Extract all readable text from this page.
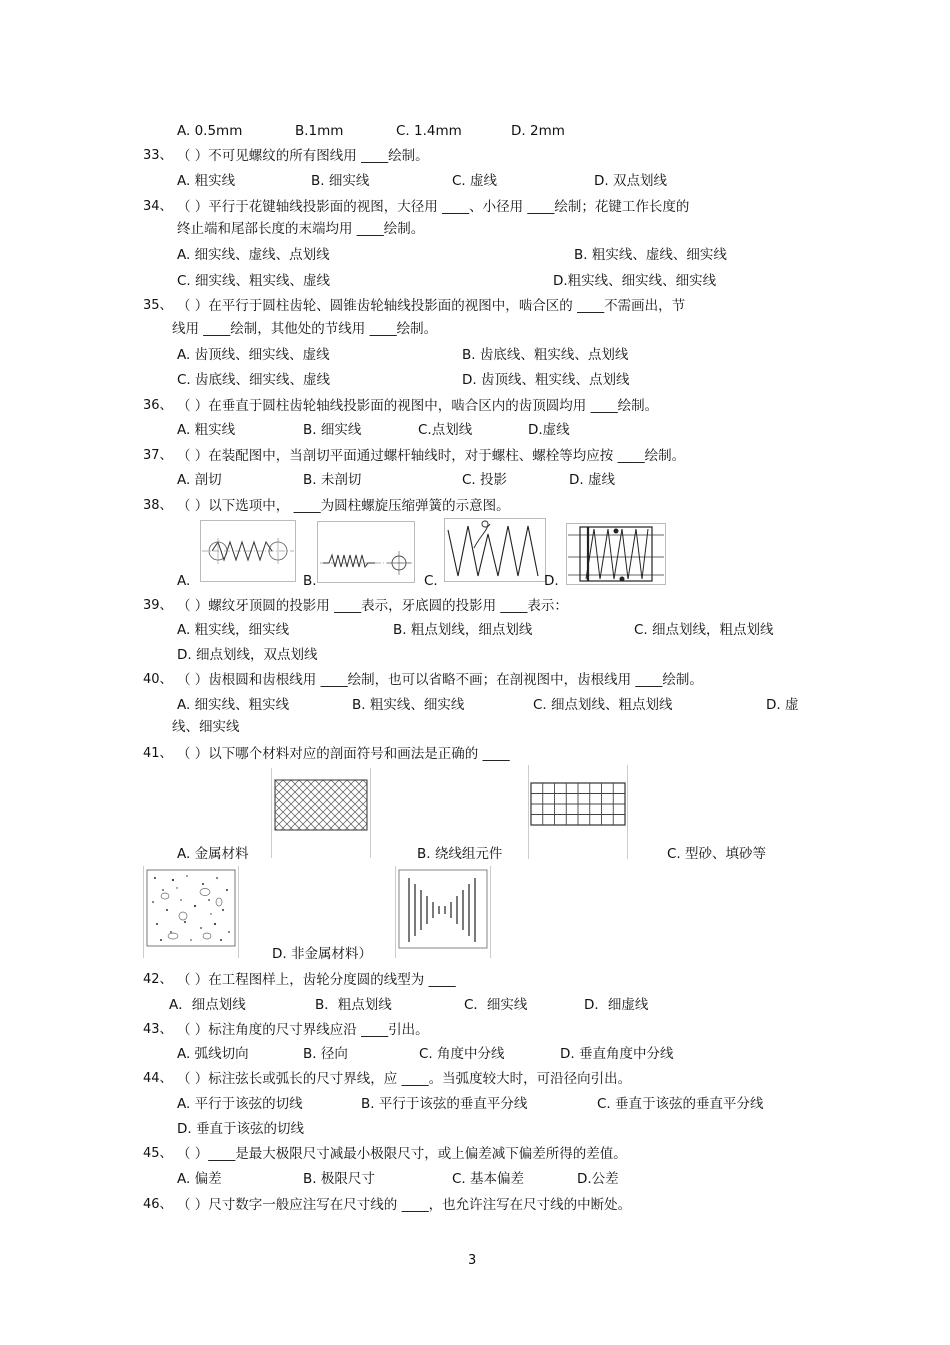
A. 0.5mm	B.1mm	C. 1.4mm	D. 2mm
33、 （ ）不可见螺纹的所有图线用 ____绘制。
A. 粗实线	B. 细实线	C. 虚线	D. 双点划线
34、 （ ）平行于花键轴线投影面的视图，大径用 ____、小径用 ____绘制；花键工作长度的
终止端和尾部长度的末端均用 ____绘制。
A. 细实线、虚线、点划线	B. 粗实线、虚线、细实线
C. 细实线、粗实线、虚线	D.粗实线、细实线、细实线
35、 （ ）在平行于圆柱齿轮、圆锥齿轮轴线投影面的视图中，啮合区的 ____不需画出，节
线用 ____绘制，其他处的节线用 ____绘制。
A. 齿顶线、细实线、虚线	B. 齿底线、粗实线、点划线
C. 齿底线、细实线、虚线	D. 齿顶线、粗实线、点划线
36、 （ ）在垂直于圆柱齿轮轴线投影面的视图中，啮合区内的齿顶圆均用 ____绘制。
A. 粗实线	B. 细实线	C.点划线	D.虚线
37、 （ ）在装配图中，当剖切平面通过螺杆轴线时，对于螺柱、螺栓等均应按 ____绘制。
A. 剖切	B. 未剖切	C. 投影	D. 虚线
38、 （ ）以下选项中， ____为圆柱螺旋压缩弹簧的示意图。
A.	B.	C.	D.
39、 （ ）螺纹牙顶圆的投影用 ____表示，牙底圆的投影用 ____表示：
A. 粗实线，细实线	B. 粗点划线，细点划线	C. 细点划线，粗点划线
D. 细点划线，双点划线
40、 （ ）齿根圆和齿根线用 ____绘制，也可以省略不画；在剖视图中，齿根线用 ____绘制。
A. 细实线、粗实线	B. 粗实线、细实线	C. 细点划线、粗点划线	D. 虚
线、细实线
41、 （ ）以下哪个材料对应的剖面符号和画法是正确的 ____
A. 金属材料	B. 绕线组元件	C. 型砂、填砂等
D. 非金属材料）
42、 （ ）在工程图样上，齿轮分度圆的线型为 ____
A．细点划线	B．粗点划线	C．细实线	D．细虚线
43、 （ ）标注角度的尺寸界线应沿 ____引出。
A. 弧线切向	B. 径向	C. 角度中分线	D. 垂直角度中分线
44、 （ ）标注弦长或弧长的尺寸界线，应 ____。当弧度较大时，可沿径向引出。
A. 平行于该弦的切线	B. 平行于该弦的垂直平分线	C. 垂直于该弦的垂直平分线
D. 垂直于该弦的切线
45、 （ ）____是最大极限尺寸减最小极限尺寸，或上偏差减下偏差所得的差值。
A. 偏差	B. 极限尺寸	C. 基本偏差	D.公差
46、 （ ）尺寸数字一般应注写在尺寸线的 ____，也允许注写在尺寸线的中断处。
3
